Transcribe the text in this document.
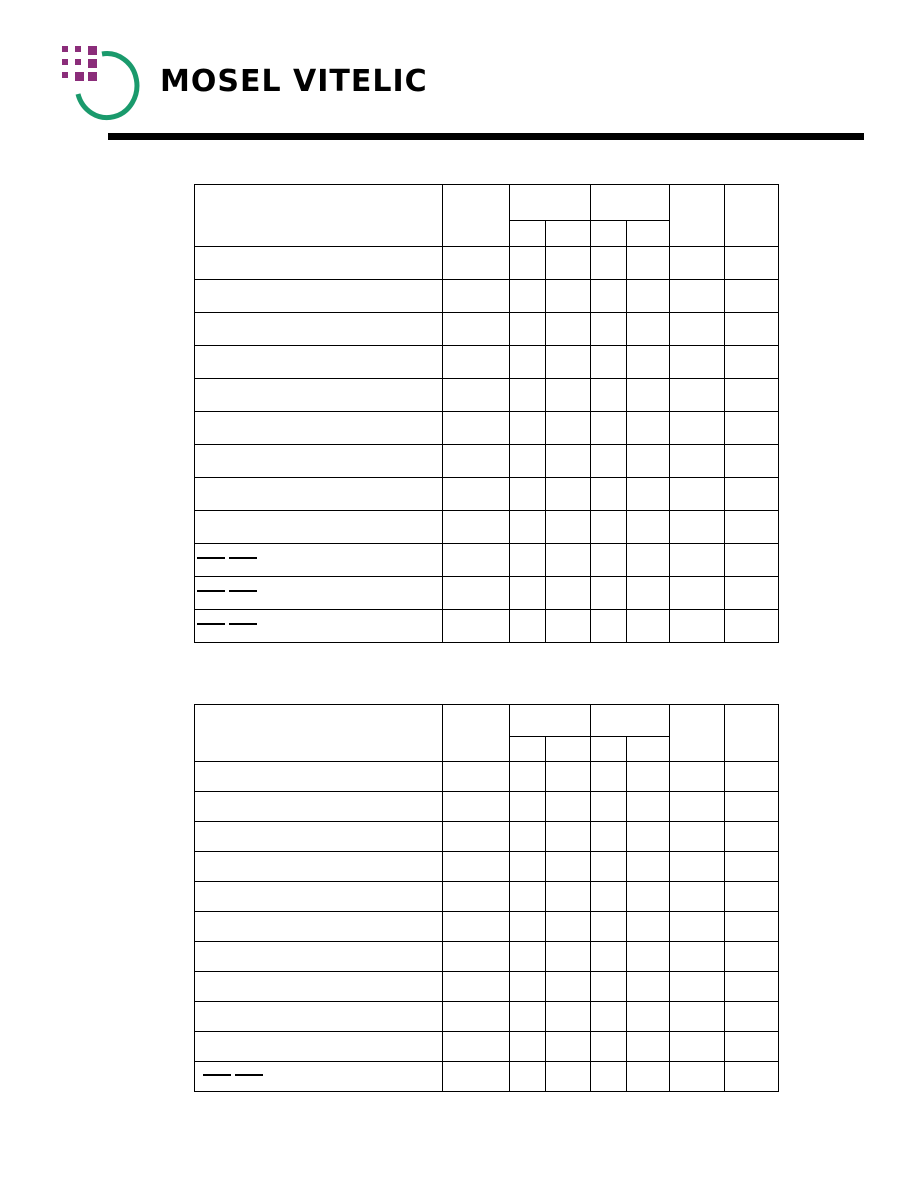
MOSEL VITELIC
